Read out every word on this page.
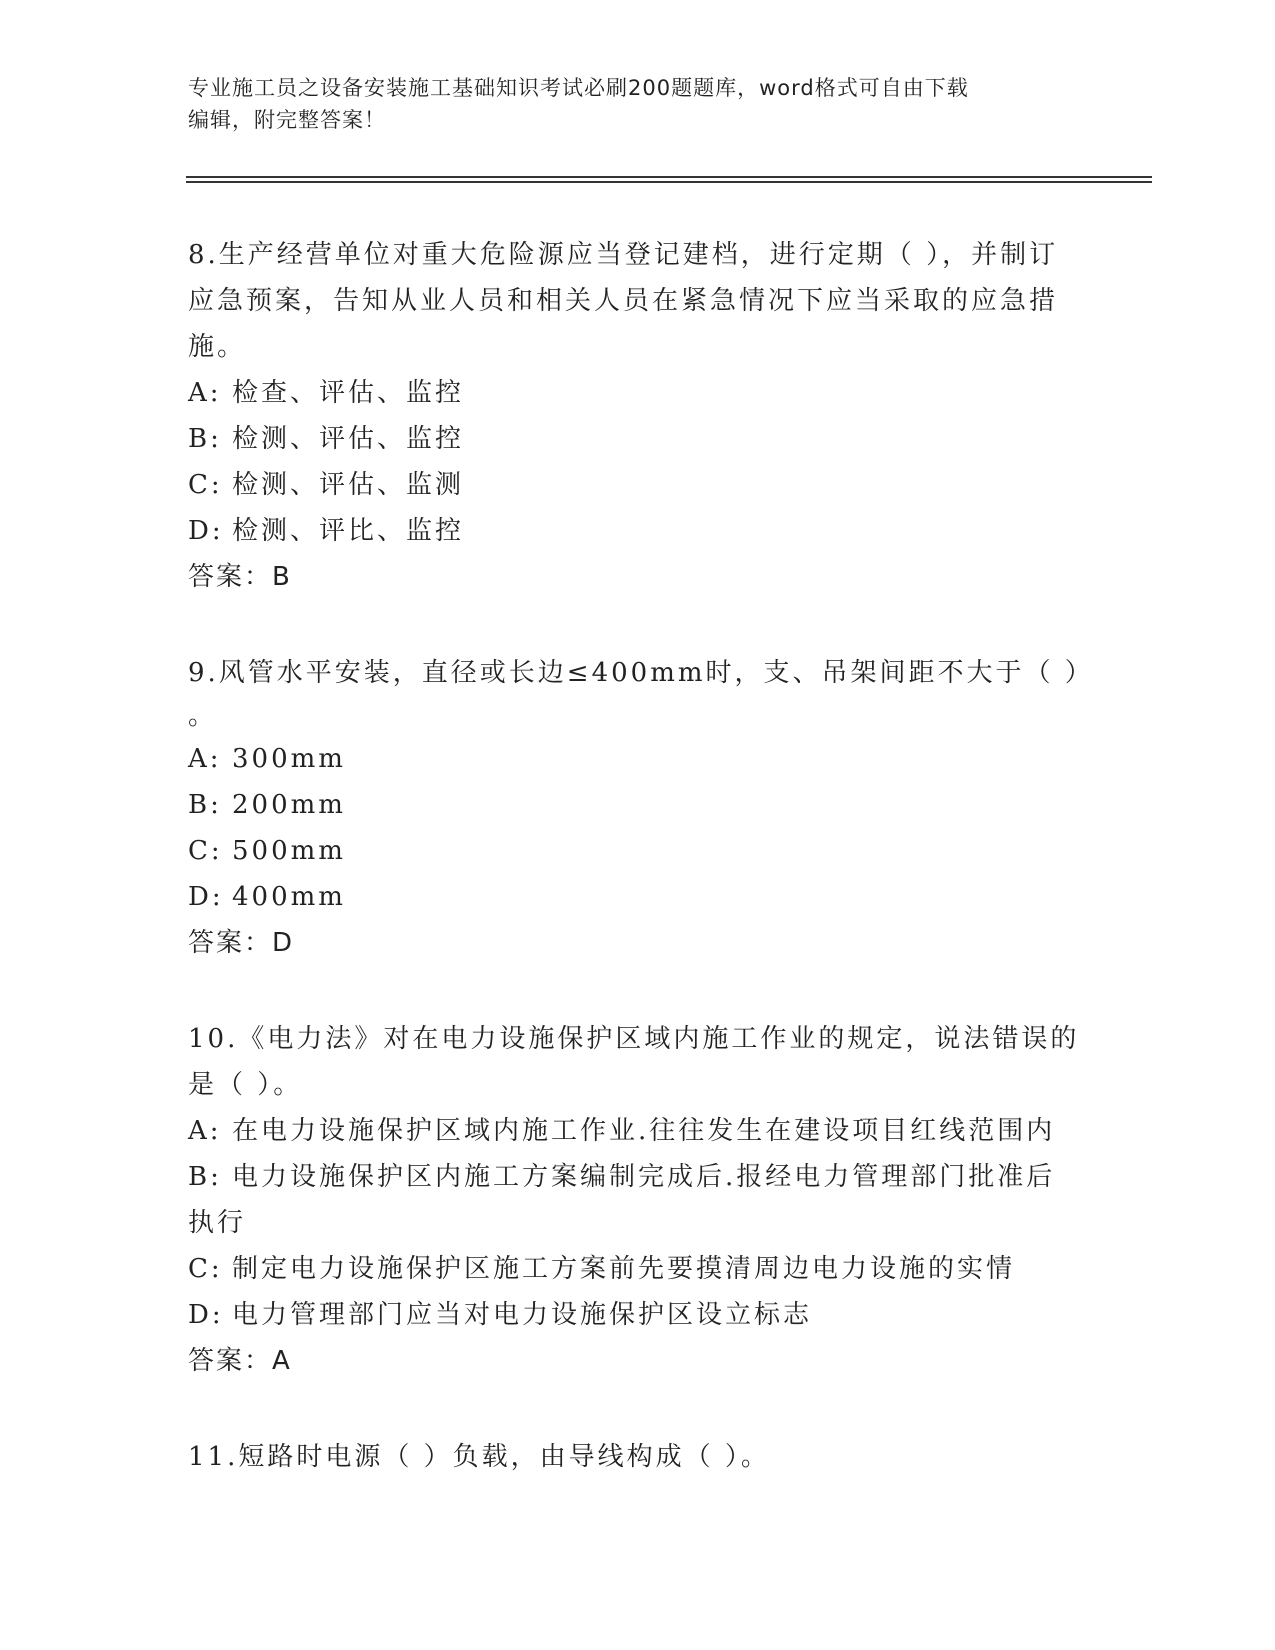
专业施工员之设备安装施工基础知识考试必刷200题题库，word格式可自由下载
编辑，附完整答案！
8.生产经营单位对重大危险源应当登记建档，进行定期（ ），并制订
应急预案，告知从业人员和相关人员在紧急情况下应当采取的应急措
施。
A: 检查、评估、监控
B: 检测、评估、监控
C: 检测、评估、监测
D: 检测、评比、监控
答案：B
9.风管水平安装，直径或长边≤400mm时，支、吊架间距不大于（ ）
。
A: 300mm
B: 200mm
C: 500mm
D: 400mm
答案：D
10.《电力法》对在电力设施保护区域内施工作业的规定，说法错误的
是（ ）。
A: 在电力设施保护区域内施工作业.往往发生在建设项目红线范围内
B: 电力设施保护区内施工方案编制完成后.报经电力管理部门批准后
执行
C: 制定电力设施保护区施工方案前先要摸清周边电力设施的实情
D: 电力管理部门应当对电力设施保护区设立标志
答案：A
11.短路时电源（ ）负载，由导线构成（ ）。
